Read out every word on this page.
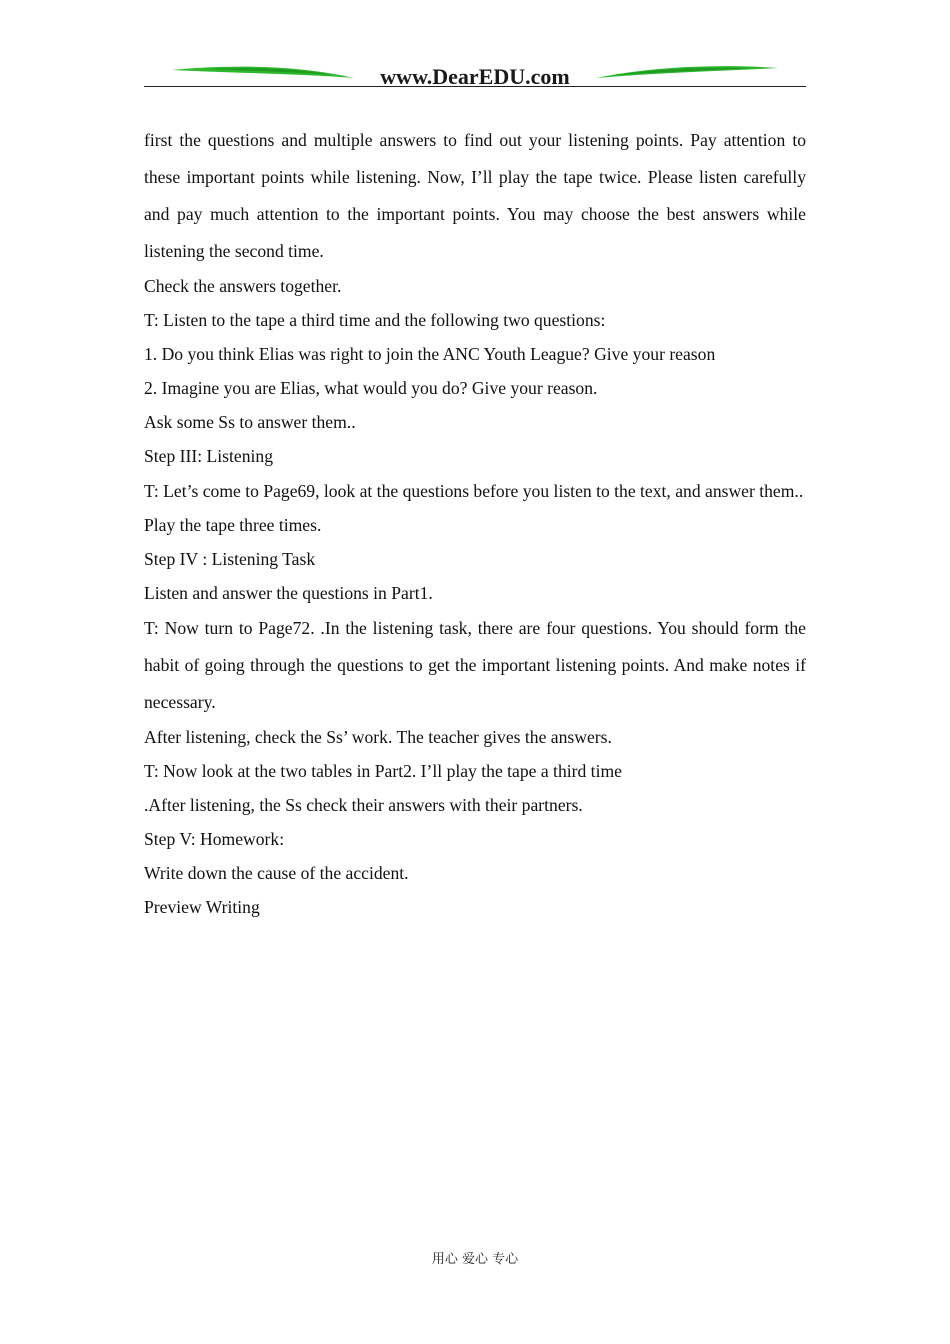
www.DearEDU.com

first the questions and multiple answers to find out your listening points. Pay attention to these important points while listening. Now, I’ll play the tape twice. Please listen carefully and pay much attention to the important points. You may choose the best answers while listening the second time.

Check the answers together.

T: Listen to the tape a third time and the following two questions:

1. Do you think Elias was right to join the ANC Youth League? Give your reason

2. Imagine you are Elias, what would you do? Give your reason.

Ask some Ss to answer them..

Step III: Listening

T: Let’s come to Page69, look at the questions before you listen to the text, and answer them..

Play the tape three times.

Step IV : Listening Task

Listen and answer the questions in Part1.

T: Now turn to Page72. .In the listening task, there are four questions. You should form the habit of going through the questions to get the important listening points. And make notes if necessary.

After listening, check the Ss’ work. The teacher gives the answers.

T: Now look at the two tables in Part2. I’ll play the tape a third time

.After listening, the Ss check their answers with their partners.

Step V: Homework:

Write down the cause of the accident.

Preview Writing

用心 爱心 专心
